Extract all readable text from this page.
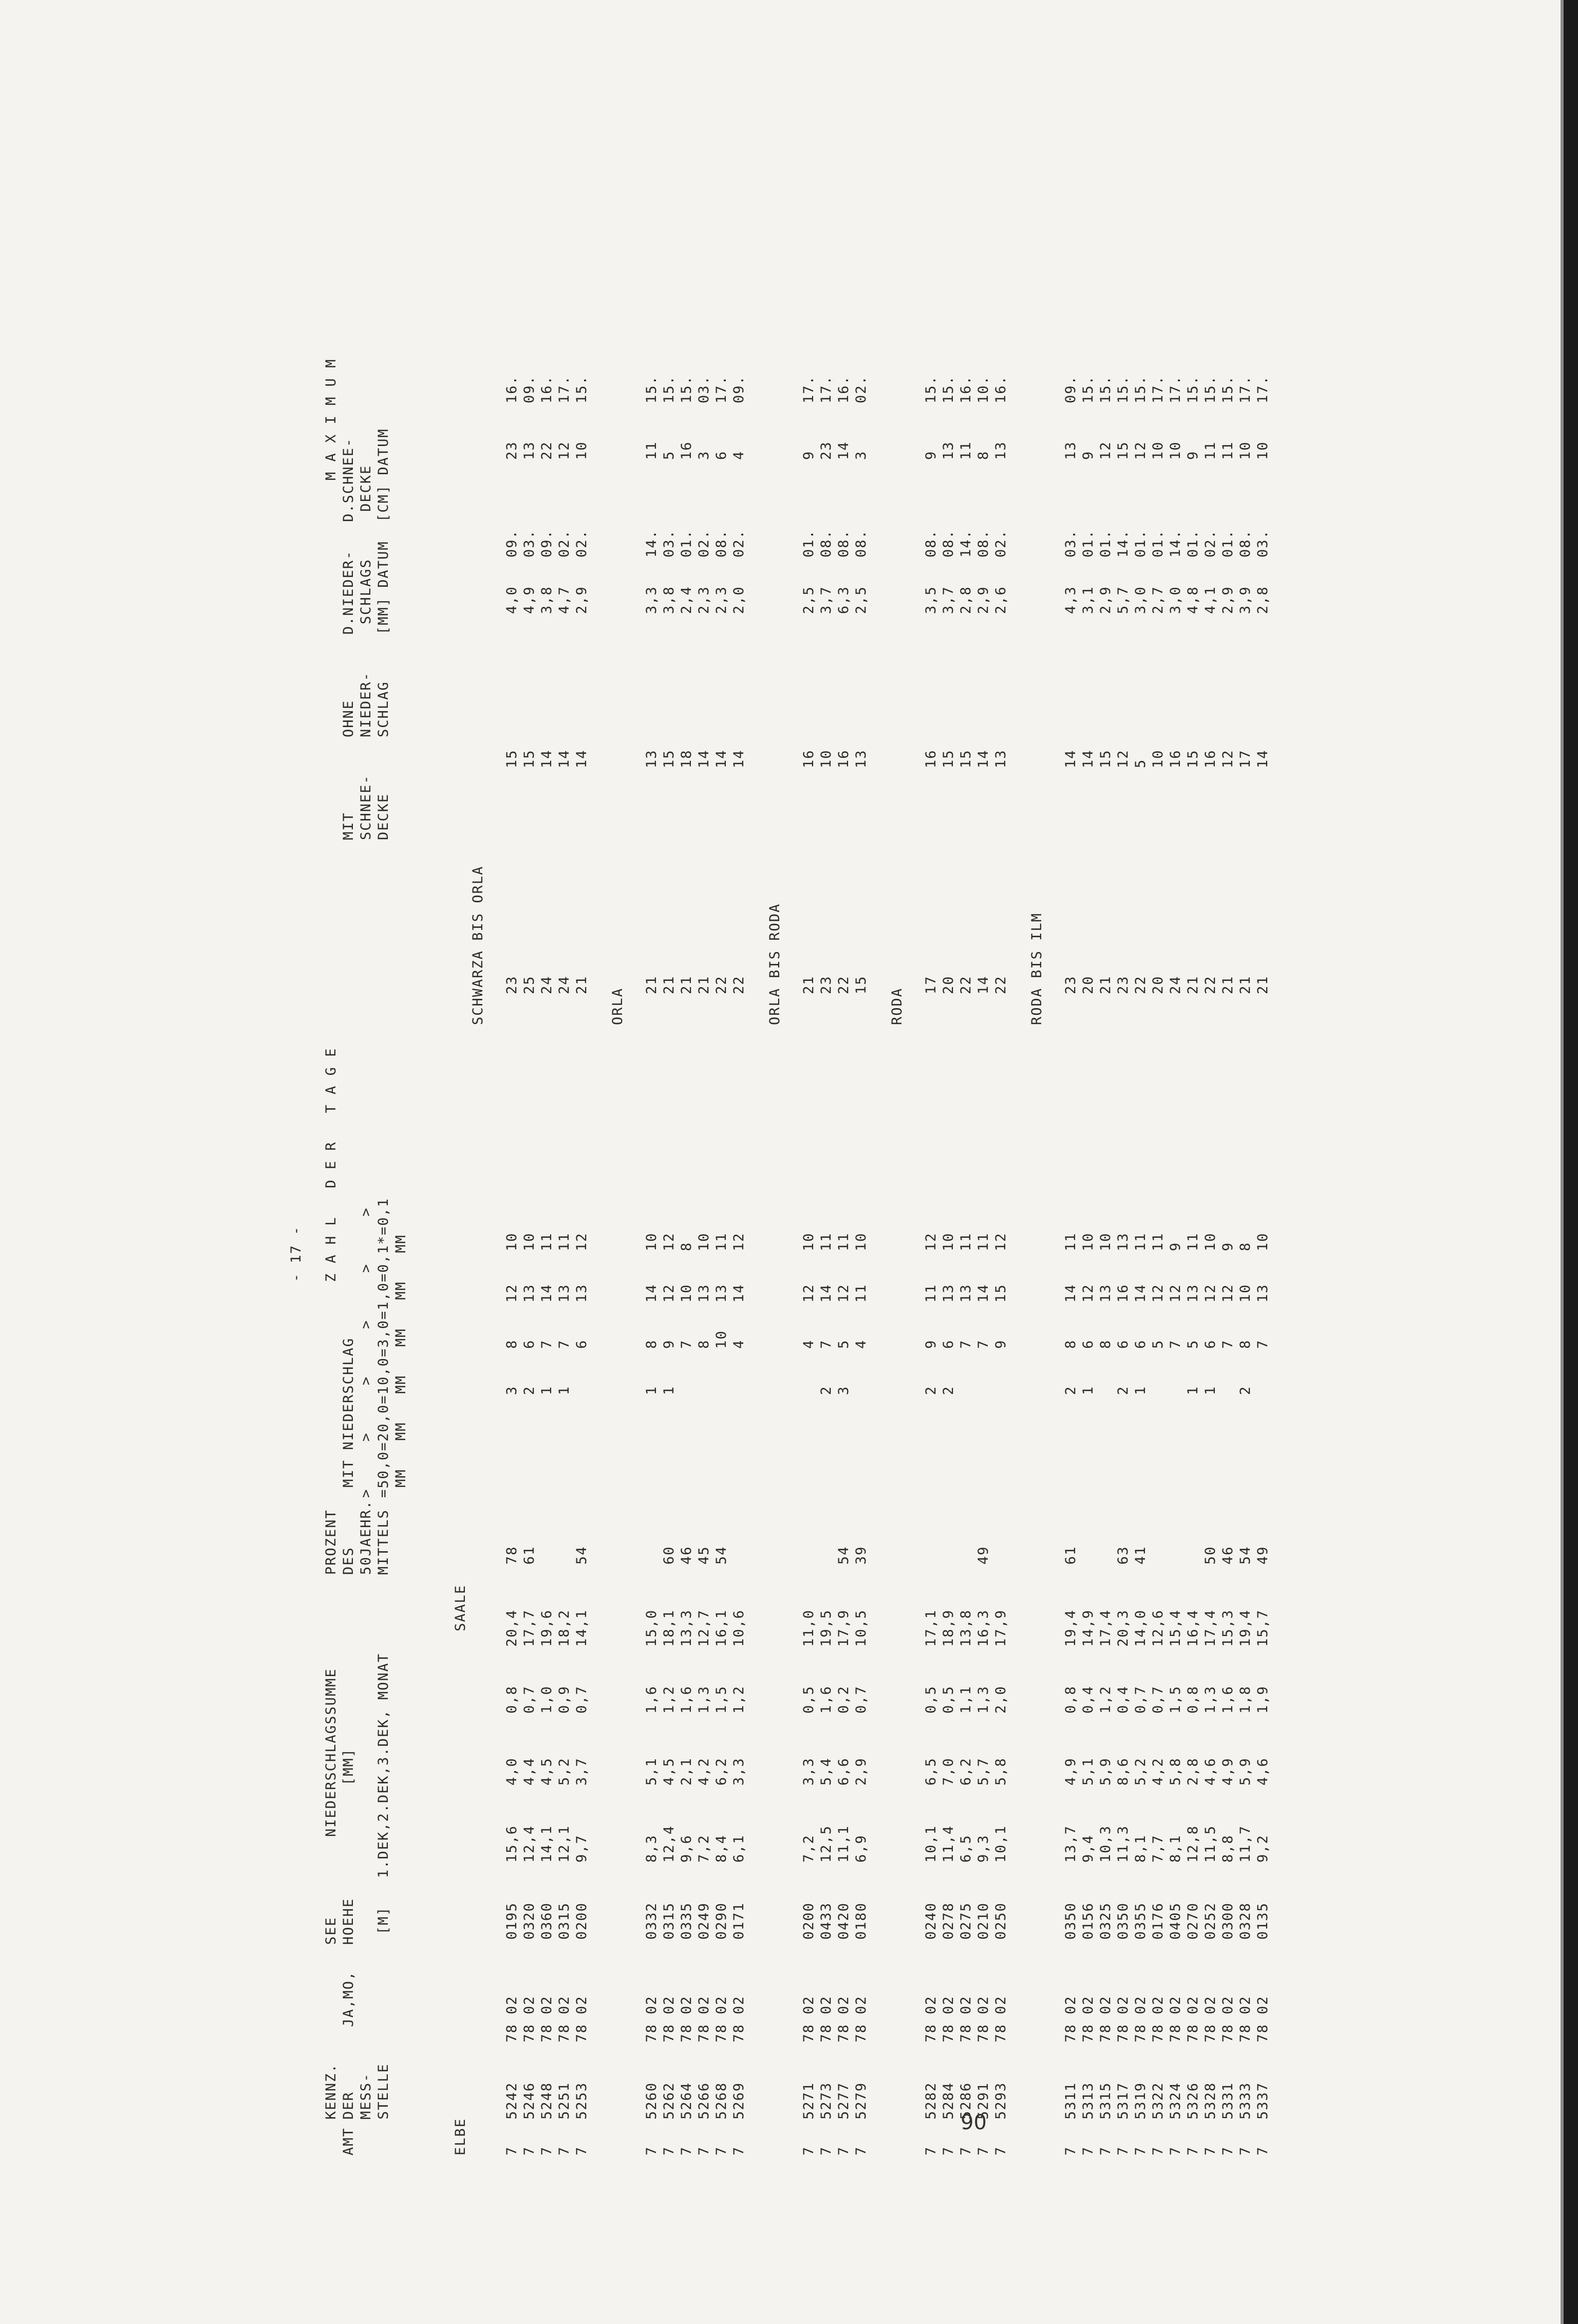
- 17 -
AMT
KENNZ. DER MESS- STELLE
JA,MO,
SEE HOEHE [M]
NIEDERSCHLAGSSUMME [MM] 1.DEK,2.DEK,3.DEK, MONAT
PROZENT DES 50JAEHR. MITTELS
Z A H L   D E R   T A G E
MIT NIEDERSCHLAG >     >     >     >     >     > =50,0=20,0=10,0=3,0=1,0=0,1*=0,1 MM   MM   MM   MM   MM   MM
MIT SCHNEE- DECKE
OHNE NIEDER- SCHLAG
M A X I M U M
D.NIEDER-   D.SCHNEE- SCHLAGS     DECKE [MM] DATUM  [CM] DATUM
ELBE
SAALE
SCHWARZA BIS ORLA
7
5242
78 02
0195
15,6
4,0
0,8
20,4
78
3
8
12
10
23
15
4,0
09.
23
16.
7
5246
78 02
0320
12,4
4,4
0,7
17,7
61
2
6
13
10
25
15
4,9
03.
13
09.
7
5248
78 02
0360
14,1
4,5
1,0
19,6
1
7
14
11
24
14
3,8
09.
22
16.
7
5251
78 02
0315
12,1
5,2
0,9
18,2
1
7
13
11
24
14
4,7
02.
12
17.
7
5253
78 02
0200
9,7
3,7
0,7
14,1
54
6
13
12
21
14
2,9
02.
10
15.
ORLA
7
5260
78 02
0332
8,3
5,1
1,6
15,0
1
8
14
10
21
13
3,3
14.
11
15.
7
5262
78 02
0315
12,4
4,5
1,2
18,1
60
1
9
12
12
21
15
3,8
03.
5
15.
7
5264
78 02
0335
9,6
2,1
1,6
13,3
46
7
10
8
21
18
2,4
01.
16
15.
7
5266
78 02
0249
7,2
4,2
1,3
12,7
45
8
13
10
21
14
2,3
02.
3
03.
7
5268
78 02
0290
8,4
6,2
1,5
16,1
54
10
13
11
22
14
2,3
08.
6
17.
7
5269
78 02
0171
6,1
3,3
1,2
10,6
4
14
12
22
14
2,0
02.
4
09.
ORLA BIS RODA
7
5271
78 02
0200
7,2
3,3
0,5
11,0
4
12
10
21
16
2,5
01.
9
17.
7
5273
78 02
0433
12,5
5,4
1,6
19,5
2
7
14
11
23
10
3,7
08.
23
17.
7
5277
78 02
0420
11,1
6,6
0,2
17,9
54
3
5
12
11
22
16
6,3
08.
14
16.
7
5279
78 02
0180
6,9
2,9
0,7
10,5
39
4
11
10
15
13
2,5
08.
3
02.
RODA
7
5282
78 02
0240
10,1
6,5
0,5
17,1
2
9
11
12
17
16
3,5
08.
9
15.
7
5284
78 02
0278
11,4
7,0
0,5
18,9
2
6
13
10
20
15
3,7
08.
13
15.
7
5286
78 02
0275
6,5
6,2
1,1
13,8
7
13
11
22
15
2,8
14.
11
16.
7
5291
78 02
0210
9,3
5,7
1,3
16,3
49
7
14
11
14
14
2,9
08.
8
10.
7
5293
78 02
0250
10,1
5,8
2,0
17,9
9
15
12
22
13
2,6
02.
13
16.
RODA BIS ILM
7
5311
78 02
0350
13,7
4,9
0,8
19,4
61
2
8
14
11
23
14
4,3
03.
13
09.
7
5313
78 02
0156
9,4
5,1
0,4
14,9
1
6
12
10
20
14
3,1
01.
9
15.
7
5315
78 02
0325
10,3
5,9
1,2
17,4
8
13
10
21
15
2,9
01.
12
15.
7
5317
78 02
0350
11,3
8,6
0,4
20,3
63
2
6
16
13
23
12
5,7
14.
15
15.
7
5319
78 02
0355
8,1
5,2
0,7
14,0
41
1
6
14
11
22
5
3,0
01.
12
15.
7
5322
78 02
0176
7,7
4,2
0,7
12,6
5
12
11
20
10
2,7
01.
10
17.
7
5324
78 02
0405
8,1
5,8
1,5
15,4
7
12
9
24
16
3,0
14.
10
17.
7
5326
78 02
0270
12,8
2,8
0,8
16,4
1
5
13
11
21
15
4,8
01.
9
15.
7
5328
78 02
0252
11,5
4,6
1,3
17,4
50
1
6
12
10
22
16
4,1
02.
11
15.
7
5331
78 02
0300
8,8
4,9
1,6
15,3
46
7
12
9
21
12
2,9
01.
11
15.
7
5333
78 02
0328
11,7
5,9
1,8
19,4
54
2
8
10
8
21
17
3,9
08.
10
17.
7
5337
78 02
0135
9,2
4,6
1,9
15,7
49
7
13
10
21
14
2,8
03.
10
17.
90
